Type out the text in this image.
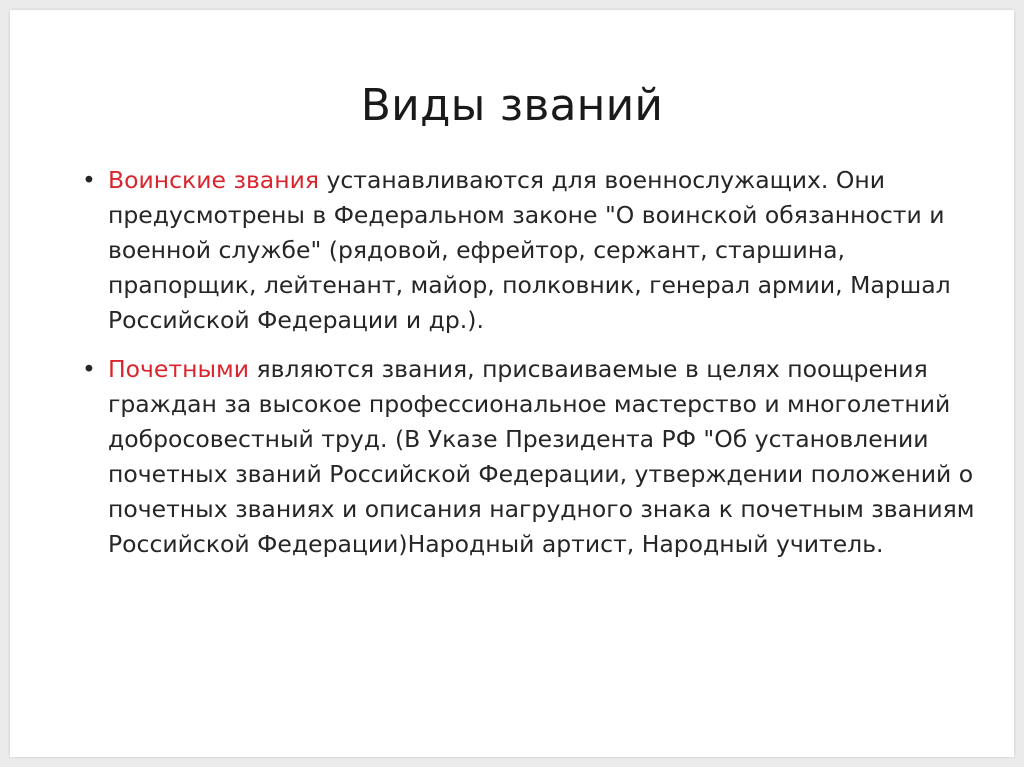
Виды званий
• Воинские звания устанавливаются для военнослужащих. Они предусмотрены в Федеральном законе "О воинской обязанности и военной службе" (рядовой, ефрейтор, сержант, старшина, прапорщик, лейтенант, майор, полковник, генерал армии, Маршал Российской Федерации и др.).
• Почетными являются звания, присваиваемые в целях поощрения граждан за высокое профессиональное мастерство и многолетний добросовестный труд. (В Указе Президента РФ "Об установлении почетных званий Российской Федерации, утверждении положений о почетных званиях и описания нагрудного знака к почетным званиям Российской Федерации)Народный артист, Народный учитель.
